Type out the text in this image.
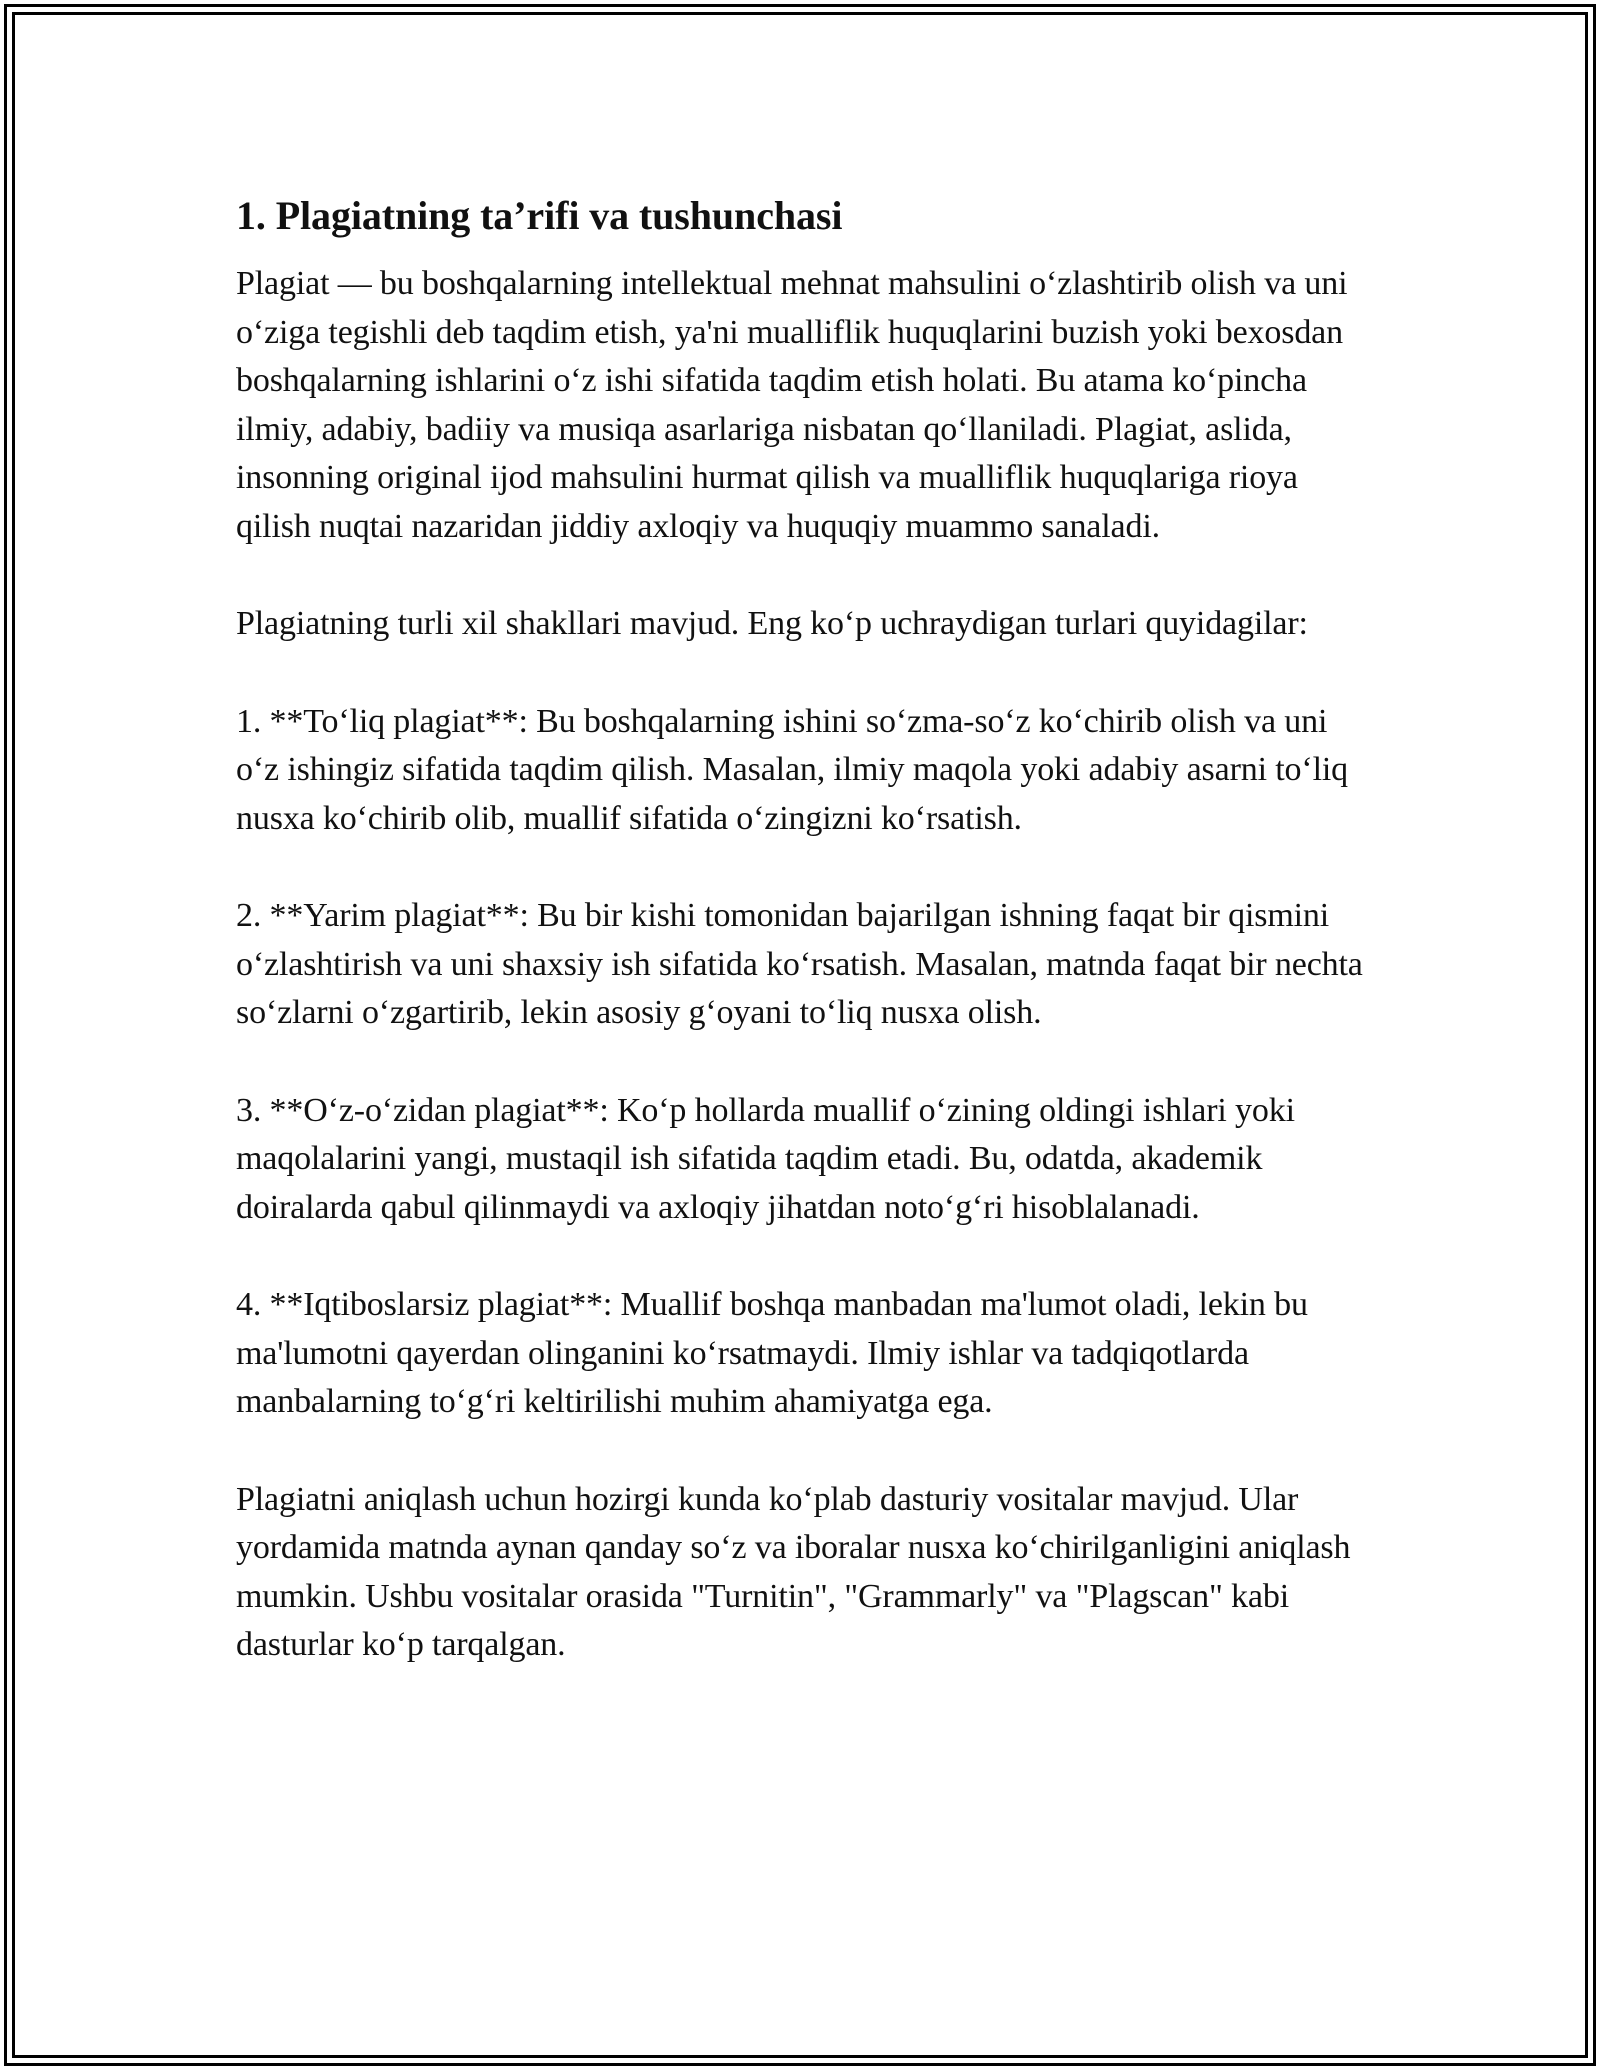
1. Plagiatning ta’rifi va tushunchasi

Plagiat — bu boshqalarning intellektual mehnat mahsulini o‘zlashtirib olish va uni o‘ziga tegishli deb taqdim etish, ya'ni mualliflik huquqlarini buzish yoki bexosdan boshqalarning ishlarini o‘z ishi sifatida taqdim etish holati. Bu atama ko‘pincha ilmiy, adabiy, badiiy va musiqa asarlariga nisbatan qo‘llaniladi. Plagiat, aslida, insonning original ijod mahsulini hurmat qilish va mualliflik huquqlariga rioya qilish nuqtai nazaridan jiddiy axloqiy va huquqiy muammo sanaladi.

Plagiatning turli xil shakllari mavjud. Eng ko‘p uchraydigan turlari quyidagilar:

1. **To‘liq plagiat**: Bu boshqalarning ishini so‘zma-so‘z ko‘chirib olish va uni o‘z ishingiz sifatida taqdim qilish. Masalan, ilmiy maqola yoki adabiy asarni to‘liq nusxa ko‘chirib olib, muallif sifatida o‘zingizni ko‘rsatish.

2. **Yarim plagiat**: Bu bir kishi tomonidan bajarilgan ishning faqat bir qismini o‘zlashtirish va uni shaxsiy ish sifatida ko‘rsatish. Masalan, matnda faqat bir nechta so‘zlarni o‘zgartirib, lekin asosiy g‘oyani to‘liq nusxa olish.

3. **O‘z-o‘zidan plagiat**: Ko‘p hollarda muallif o‘zining oldingi ishlari yoki maqolalarini yangi, mustaqil ish sifatida taqdim etadi. Bu, odatda, akademik doiralarda qabul qilinmaydi va axloqiy jihatdan noto‘g‘ri hisoblalanadi.

4. **Iqtiboslarsiz plagiat**: Muallif boshqa manbadan ma'lumot oladi, lekin bu ma'lumotni qayerdan olinganini ko‘rsatmaydi. Ilmiy ishlar va tadqiqotlarda manbalarning to‘g‘ri keltirilishi muhim ahamiyatga ega.

Plagiatni aniqlash uchun hozirgi kunda ko‘plab dasturiy vositalar mavjud. Ular yordamida matnda aynan qanday so‘z va iboralar nusxa ko‘chirilganligini aniqlash mumkin. Ushbu vositalar orasida "Turnitin", "Grammarly" va "Plagscan" kabi dasturlar ko‘p tarqalgan.
